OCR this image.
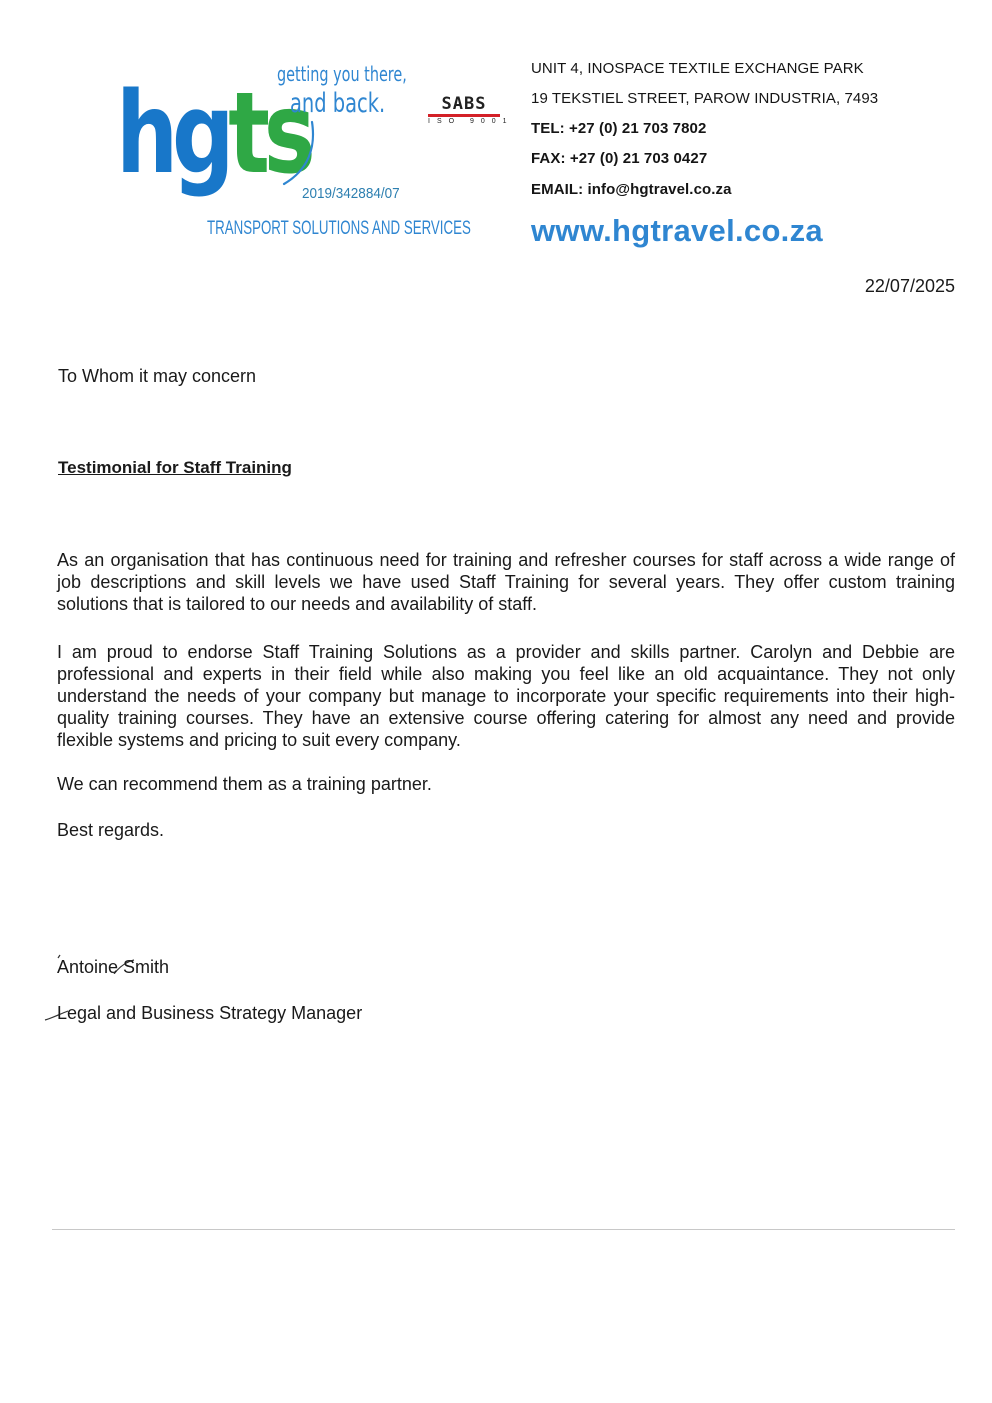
hgts
getting you there,
and back.
2019/342884/07
TRANSPORT SOLUTIONS AND SERVICES
SABS
ISO 9001
UNIT 4, INOSPACE TEXTILE EXCHANGE PARK
19 TEKSTIEL STREET, PAROW INDUSTRIA, 7493
TEL: +27 (0) 21 703 7802
FAX: +27 (0) 21 703 0427
EMAIL: info@hgtravel.co.za
www.hgtravel.co.za
22/07/2025
To Whom it may concern
Testimonial for Staff Training
As an organisation that has continuous need for training and refresher courses for staff across a wide range of job descriptions and skill levels we have used Staff Training for several years. They offer custom training solutions that is tailored to our needs and availability of staff.
I am proud to endorse Staff Training Solutions as a provider and skills partner. Carolyn and Debbie are professional and experts in their field while also making you feel like an old acquaintance. They not only understand the needs of your company but manage to incorporate your specific requirements into their high-quality training courses. They have an extensive course offering catering for almost any need and provide flexible systems and pricing to suit every company.
We can recommend them as a training partner.
Best regards.
Antoine Smith
Legal and Business Strategy Manager
